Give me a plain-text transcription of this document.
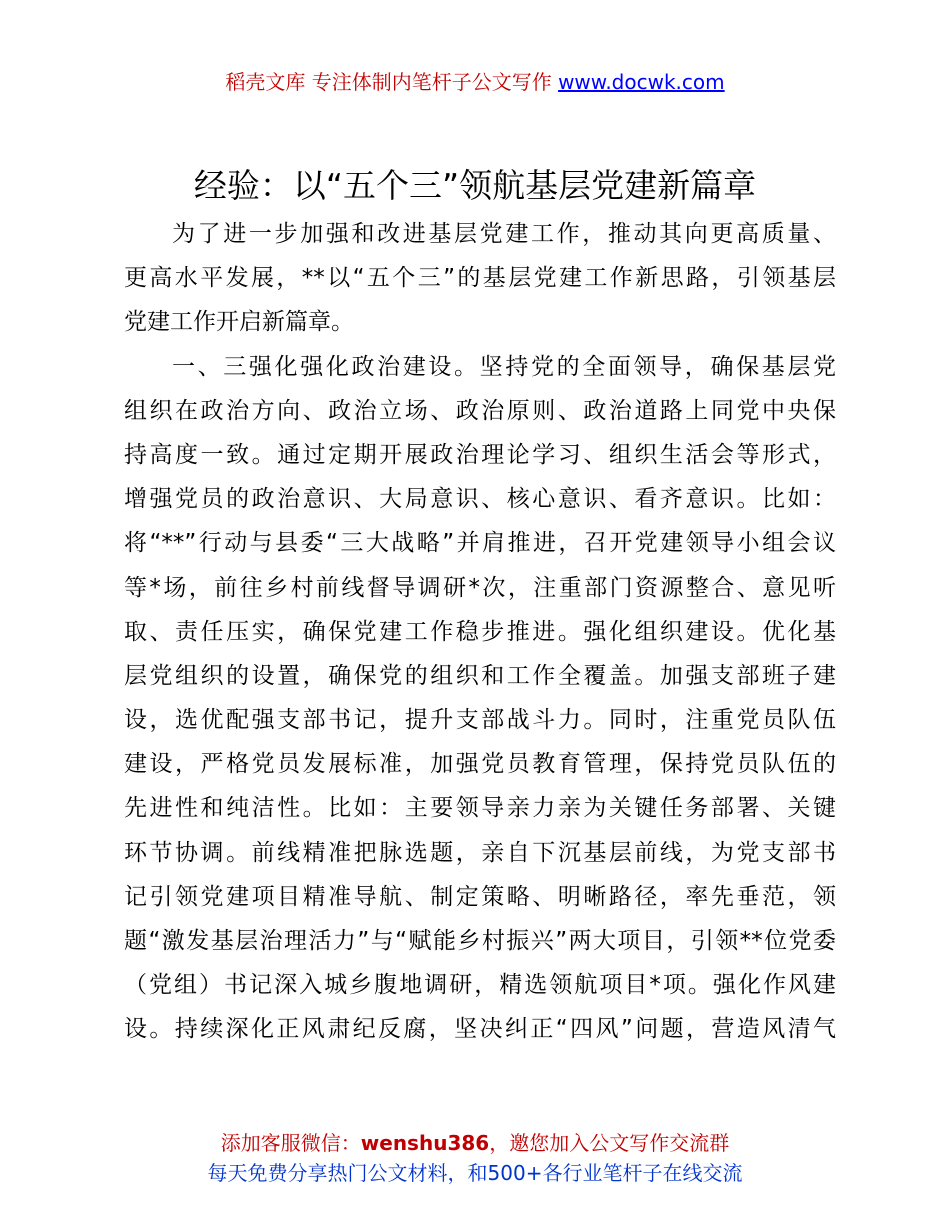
稻壳文库 专注体制内笔杆子公文写作 www.docwk.com
经验：以“五个三”领航基层党建新篇章
为了进一步加强和改进基层党建工作，推动其向更高质量、
更高水平发展，**以“五个三”的基层党建工作新思路，引领基层
党建工作开启新篇章。
一、三强化强化政治建设。坚持党的全面领导，确保基层党
组织在政治方向、政治立场、政治原则、政治道路上同党中央保
持高度一致。通过定期开展政治理论学习、组织生活会等形式，
增强党员的政治意识、大局意识、核心意识、看齐意识。比如：
将“**”行动与县委“三大战略”并肩推进，召开党建领导小组会议
等*场，前往乡村前线督导调研*次，注重部门资源整合、意见听
取、责任压实，确保党建工作稳步推进。强化组织建设。优化基
层党组织的设置，确保党的组织和工作全覆盖。加强支部班子建
设，选优配强支部书记，提升支部战斗力。同时，注重党员队伍
建设，严格党员发展标准，加强党员教育管理，保持党员队伍的
先进性和纯洁性。比如：主要领导亲力亲为关键任务部署、关键
环节协调。前线精准把脉选题，亲自下沉基层前线，为党支部书
记引领党建项目精准导航、制定策略、明晰路径，率先垂范，领
题“激发基层治理活力”与“赋能乡村振兴”两大项目，引领**位党委
（党组）书记深入城乡腹地调研，精选领航项目*项。强化作风建
设。持续深化正风肃纪反腐，坚决纠正“四风”问题，营造风清气
添加客服微信：wenshu386，邀您加入公文写作交流群
每天免费分享热门公文材料，和500+各行业笔杆子在线交流
